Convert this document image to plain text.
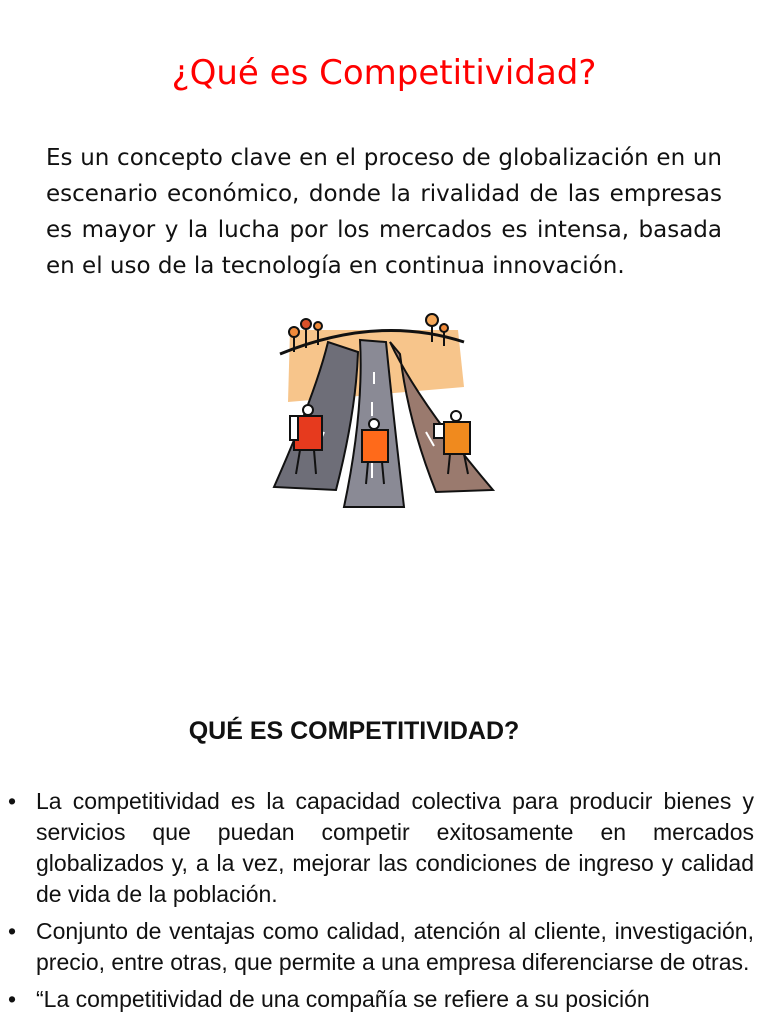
¿Qué es Competitividad?

Es un concepto clave en el proceso de globalización en un escenario económico, donde la rivalidad de las empresas es mayor y la lucha por los mercados es intensa, basada en el uso de la tecnología en continua innovación.

QUÉ ES COMPETITIVIDAD?
• La competitividad es la capacidad colectiva para producir bienes y servicios que puedan competir exitosamente en mercados globalizados y, a la vez, mejorar las condiciones de ingreso y calidad de vida de la población.
• Conjunto de ventajas como calidad, atención al cliente, investigación, precio, entre otras, que permite a una empresa diferenciarse de otras.
• “La competitividad de una compañía se refiere a su posición
